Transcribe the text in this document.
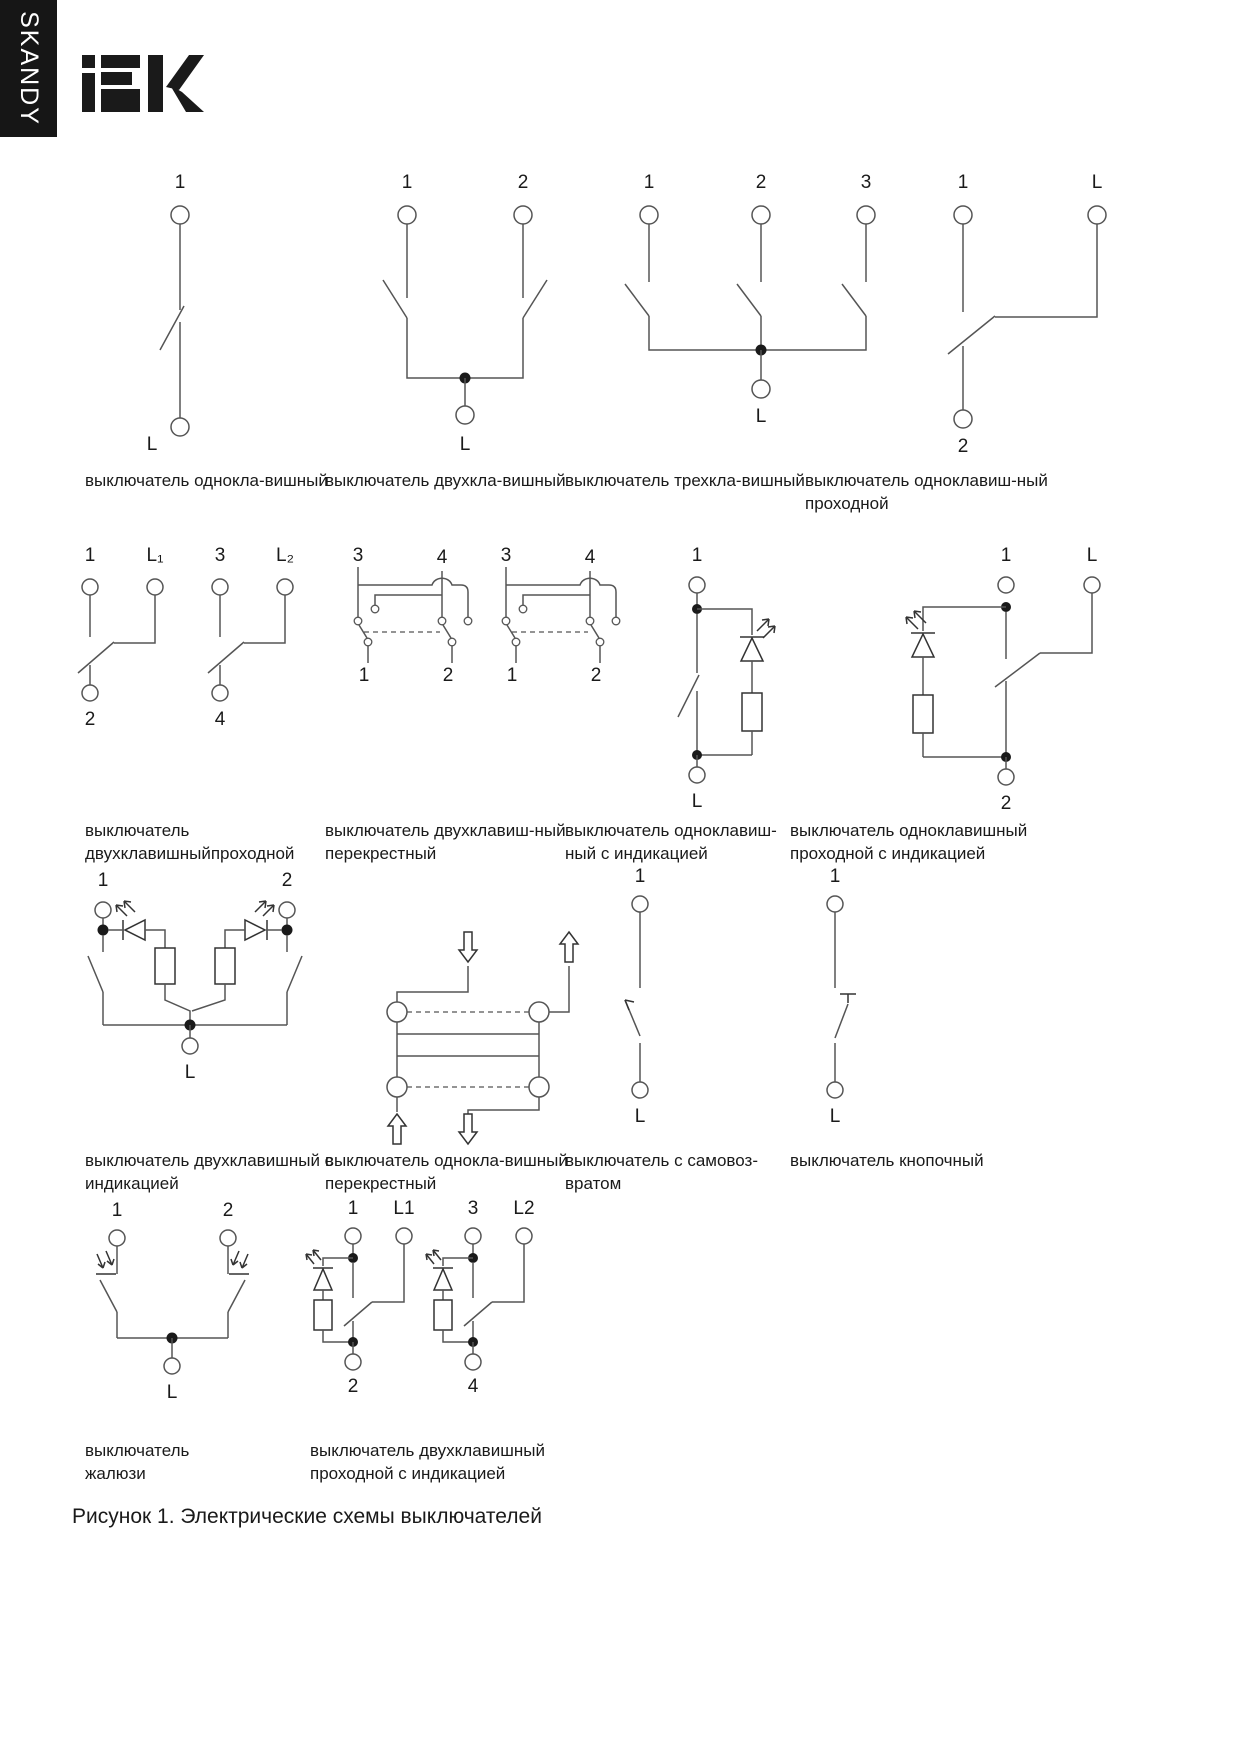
SKANDY
1
L
1	2
L
1	2	3
L
1	L
2
выключатель однокла-вишный
выключатель двухкла-вишный выключатель трехкла-вишный выключатель одноклавиш-ный
проходной
1	L₁	3	L₂
2	4
3	4
1	2
3	4
1	2
1
L
1	L
2
выключатель
двухклавишныйпроходной
выключатель двухклавиш-ный
перекрестный
выключатель одноклавиш-
ный с индикацией
выключатель одноклавишный
проходной с индикацией
1	2
L
1
L
1
L
выключатель двухклавишный с
индикацией
выключатель однокла-вишный
перекрестный
выключатель с самовоз-
вратом
выключатель кнопочный
1	2
L
1 L1
2
3 L2
4
выключатель
жалюзи
выключатель двухклавишный
проходной с индикацией
Рисунок 1. Электрические схемы выключателей
